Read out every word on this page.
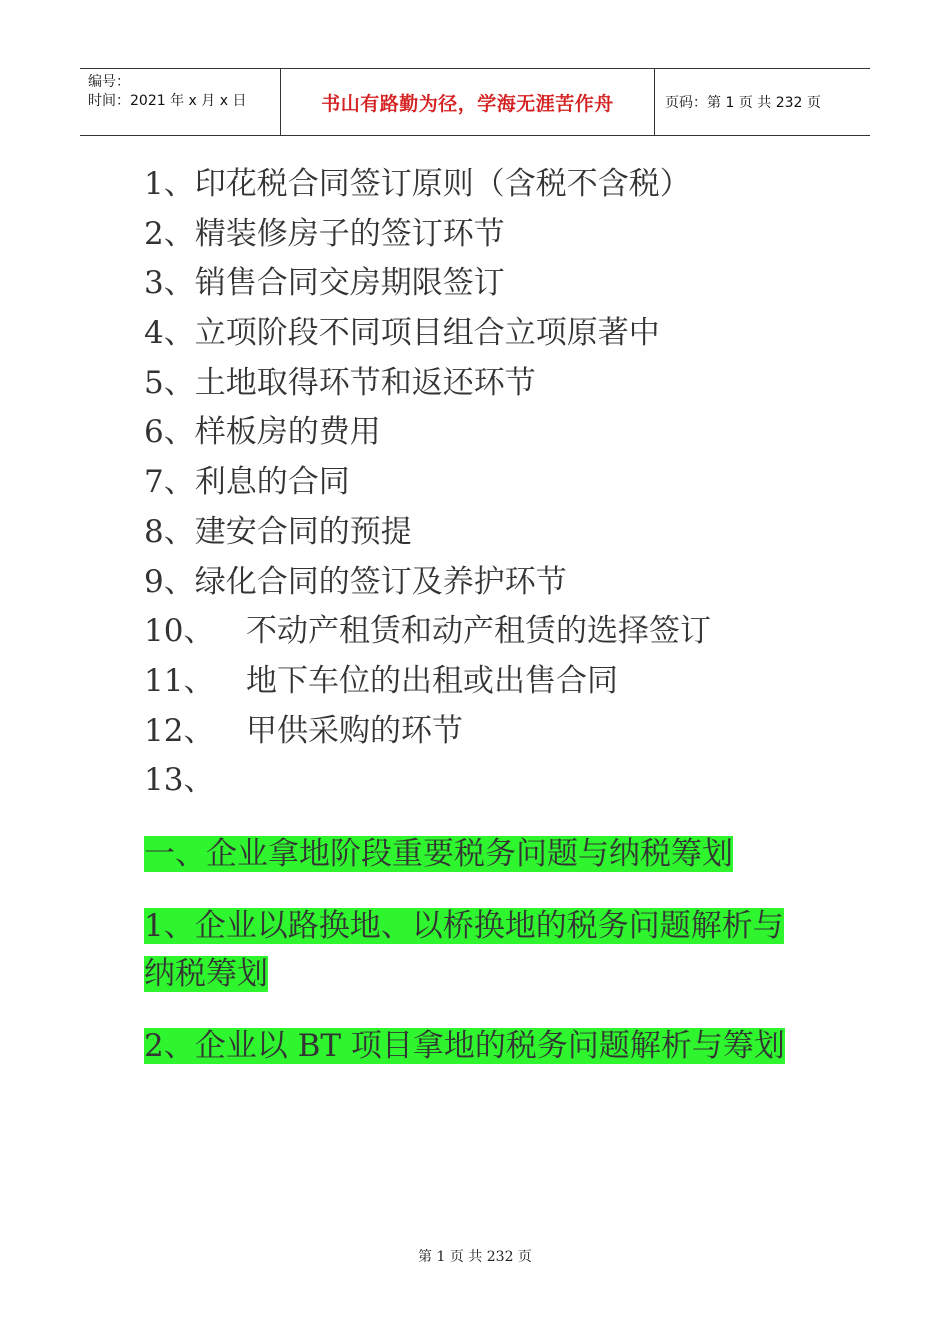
编号：
时间：2021 年 x 月 x 日	书山有路勤为径，学海无涯苦作舟	页码：第 1 页 共 232 页
1、 印花税合同签订原则（含税不含税）
2、 精装修房子的签订环节
3、 销售合同交房期限签订
4、 立项阶段不同项目组合立项原著中
5、 土地取得环节和返还环节
6、 样板房的费用
7、 利息的合同
8、 建安合同的预提
9、 绿化合同的签订及养护环节
10、	不动产租赁和动产租赁的选择签订
11、	地下车位的出租或出售合同
12、	甲供采购的环节
13、
一、企业拿地阶段重要税务问题与纳税筹划
1、企业以路换地、以桥换地的税务问题解析与纳税筹划
2、企业以 BT 项目拿地的税务问题解析与筹划
第 1 页 共 232 页
